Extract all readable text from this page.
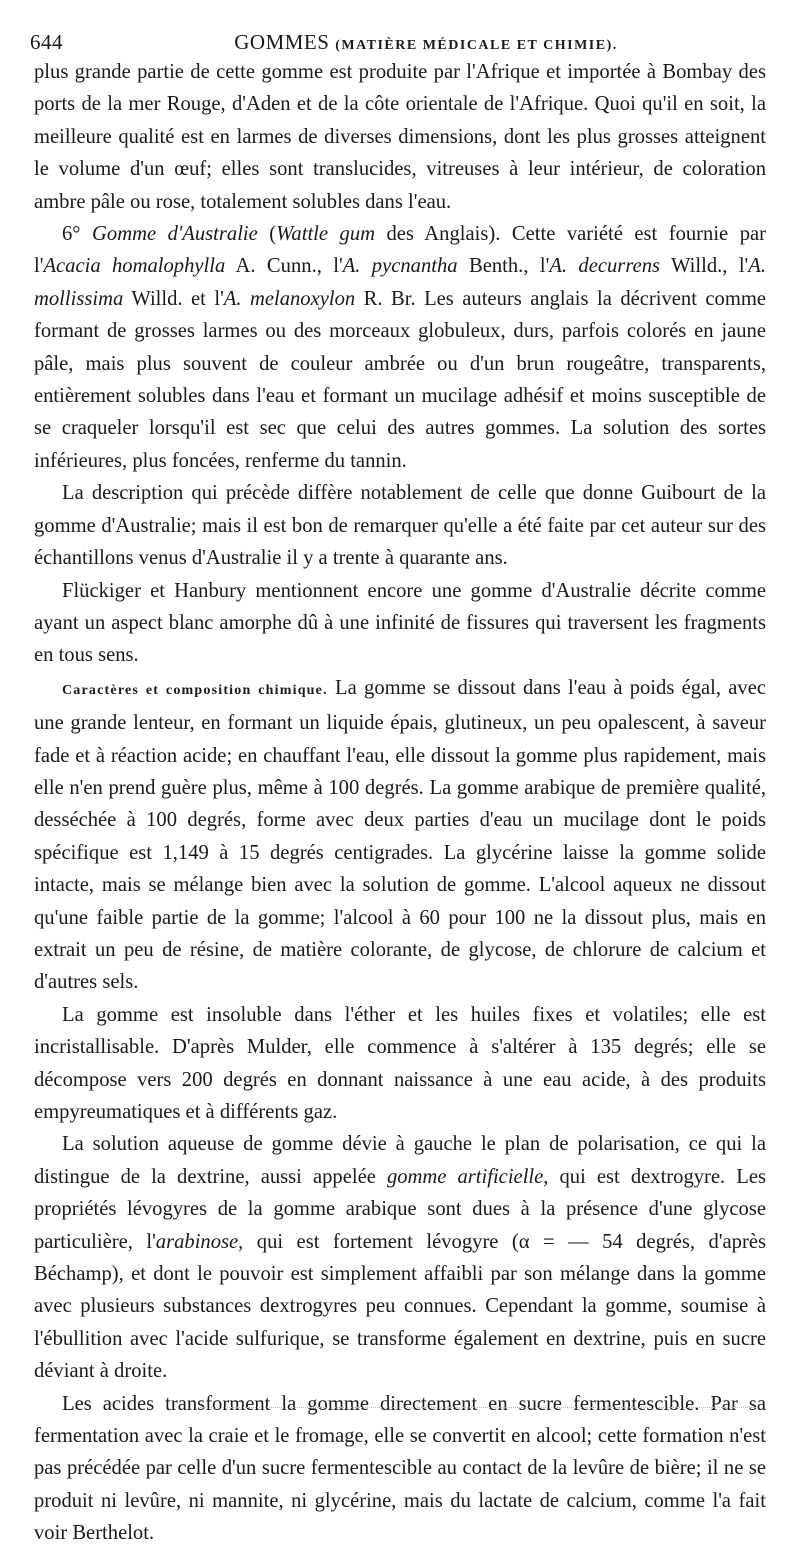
644	GOMMES (MATIÈRE MÉDICALE ET CHIMIE).

plus grande partie de cette gomme est produite par l'Afrique et importée à Bombay des ports de la mer Rouge, d'Aden et de la côte orientale de l'Afrique. Quoi qu'il en soit, la meilleure qualité est en larmes de diverses dimensions, dont les plus grosses atteignent le volume d'un œuf; elles sont translucides, vitreuses à leur intérieur, de coloration ambre pâle ou rose, totalement solubles dans l'eau.

6° Gomme d'Australie (Wattle gum des Anglais). Cette variété est fournie par l'Acacia homalophylla A. Cunn., l'A. pycnantha Benth., l'A. decurrens Willd., l'A. mollissima Willd. et l'A. melanoxylon R. Br. Les auteurs anglais la décrivent comme formant de grosses larmes ou des morceaux globuleux, durs, parfois colorés en jaune pâle, mais plus souvent de couleur ambrée ou d'un brun rougeâtre, transparents, entièrement solubles dans l'eau et formant un mucilage adhésif et moins susceptible de se craqueler lorsqu'il est sec que celui des autres gommes. La solution des sortes inférieures, plus foncées, renferme du tannin.

La description qui précède diffère notablement de celle que donne Guibourt de la gomme d'Australie; mais il est bon de remarquer qu'elle a été faite par cet auteur sur des échantillons venus d'Australie il y a trente à quarante ans.

Flückiger et Hanbury mentionnent encore une gomme d'Australie décrite comme ayant un aspect blanc amorphe dû à une infinité de fissures qui traversent les fragments en tous sens.

Caractères et composition chimique. La gomme se dissout dans l'eau à poids égal, avec une grande lenteur, en formant un liquide épais, glutineux, un peu opalescent, à saveur fade et à réaction acide; en chauffant l'eau, elle dissout la gomme plus rapidement, mais elle n'en prend guère plus, même à 100 degrés. La gomme arabique de première qualité, desséchée à 100 degrés, forme avec deux parties d'eau un mucilage dont le poids spécifique est 1,149 à 15 degrés centigrades. La glycérine laisse la gomme solide intacte, mais se mélange bien avec la solution de gomme. L'alcool aqueux ne dissout qu'une faible partie de la gomme; l'alcool à 60 pour 100 ne la dissout plus, mais en extrait un peu de résine, de matière colorante, de glycose, de chlorure de calcium et d'autres sels.

La gomme est insoluble dans l'éther et les huiles fixes et volatiles; elle est incristallisable. D'après Mulder, elle commence à s'altérer à 135 degrés; elle se décompose vers 200 degrés en donnant naissance à une eau acide, à des produits empyreumatiques et à différents gaz.

La solution aqueuse de gomme dévie à gauche le plan de polarisation, ce qui la distingue de la dextrine, aussi appelée gomme artificielle, qui est dextrogyre. Les propriétés lévogyres de la gomme arabique sont dues à la présence d'une glycose particulière, l'arabinose, qui est fortement lévogyre (α = — 54 degrés, d'après Béchamp), et dont le pouvoir est simplement affaibli par son mélange dans la gomme avec plusieurs substances dextrogyres peu connues. Cependant la gomme, soumise à l'ébullition avec l'acide sulfurique, se transforme également en dextrine, puis en sucre déviant à droite.

Les acides transforment la gomme directement en sucre fermentescible. Par sa fermentation avec la craie et le fromage, elle se convertit en alcool; cette formation n'est pas précédée par celle d'un sucre fermentescible au contact de la levûre de bière; il ne se produit ni levûre, ni mannite, ni glycérine, mais du lactate de calcium, comme l'a fait voir Berthelot.
